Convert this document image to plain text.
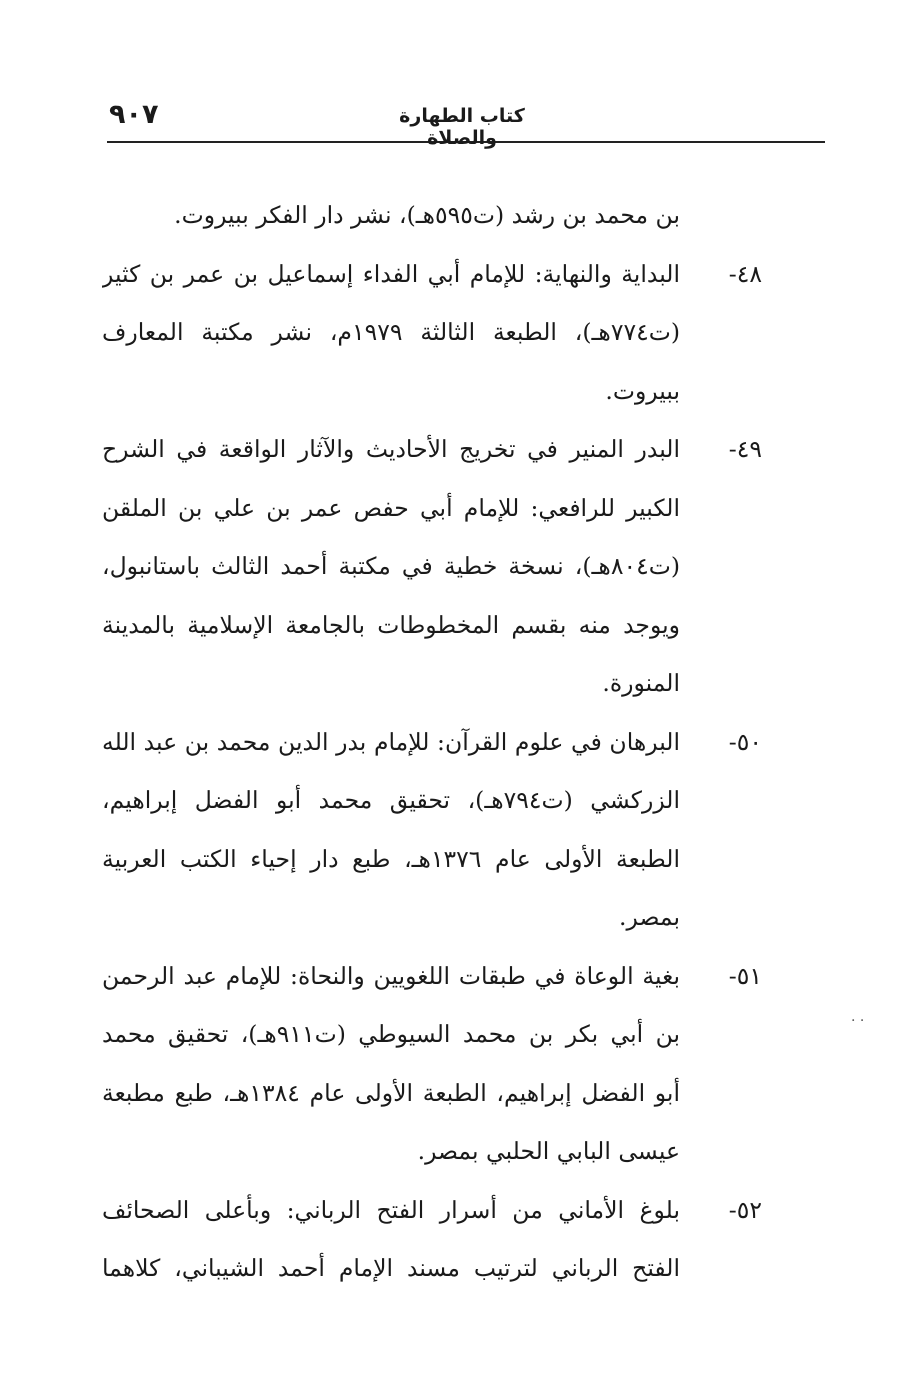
٩٠٧	كتاب الطهارة والصلاة
بن محمد بن رشد (ت٥٩٥هـ)، نشر دار الفكر ببيروت.
٤٨-
البداية والنهاية: للإمام أبي الفداء إسماعيل بن عمر بن كثير
(ت٧٧٤هـ)، الطبعة الثالثة ١٩٧٩م، نشر مكتبة المعارف
ببيروت.
٤٩-
البدر المنير في تخريج الأحاديث والآثار الواقعة في الشرح
الكبير للرافعي: للإمام أبي حفص عمر بن علي بن الملقن
(ت٨٠٤هـ)، نسخة خطية في مكتبة أحمد الثالث باستانبول،
ويوجد منه بقسم المخطوطات بالجامعة الإسلامية بالمدينة
المنورة.
٥٠-
البرهان في علوم القرآن: للإمام بدر الدين محمد بن عبد الله
الزركشي (ت٧٩٤هـ)، تحقيق محمد أبو الفضل إبراهيم،
الطبعة الأولى عام ١٣٧٦هـ، طبع دار إحياء الكتب العربية
بمصر.
٥١-
بغية الوعاة في طبقات اللغويين والنحاة: للإمام عبد الرحمن
بن أبي بكر بن محمد السيوطي (ت٩١١هـ)، تحقيق محمد
أبو الفضل إبراهيم، الطبعة الأولى عام ١٣٨٤هـ، طبع مطبعة
عيسى البابي الحلبي بمصر.
٥٢-
بلوغ الأماني من أسرار الفتح الرباني: وبأعلى الصحائف
الفتح الرباني لترتيب مسند الإمام أحمد الشيباني، كلاهما
· ·
